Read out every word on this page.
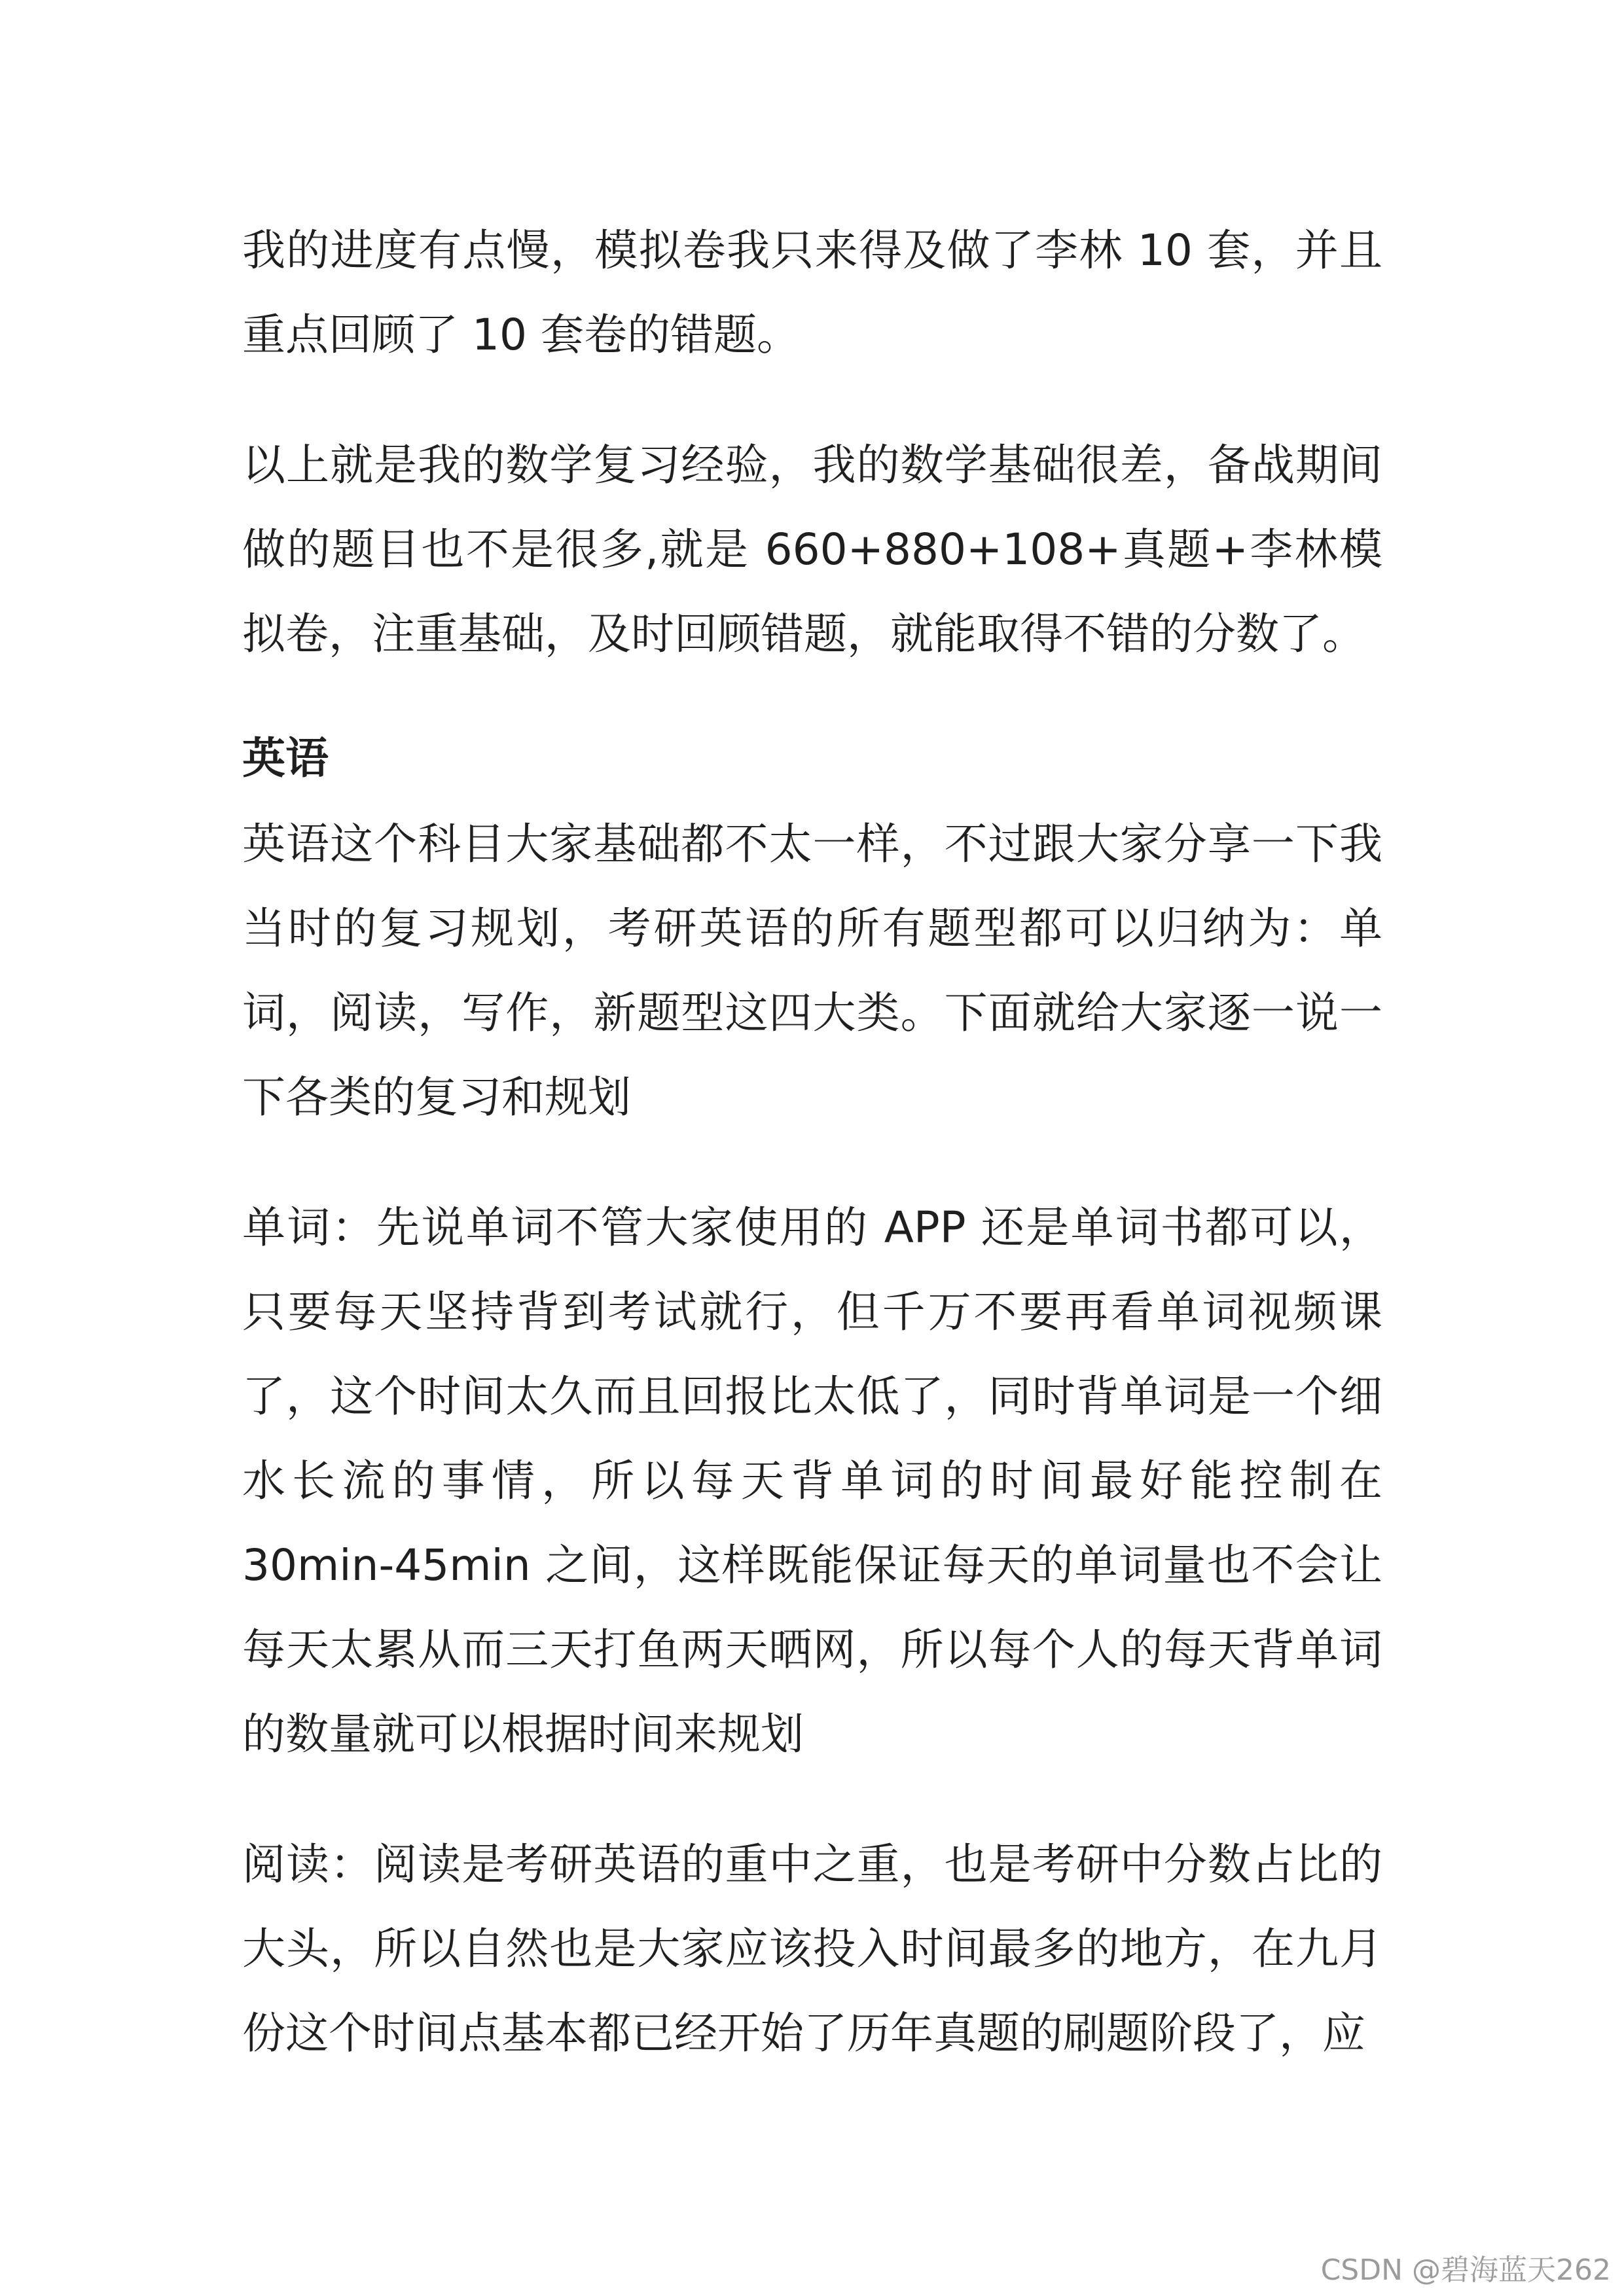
我的进度有点慢，模拟卷我只来得及做了李林 10 套，并且重点回顾了 10 套卷的错题。

以上就是我的数学复习经验，我的数学基础很差，备战期间做的题目也不是很多,就是 660+880+108+真题+李林模拟卷，注重基础，及时回顾错题，就能取得不错的分数了。

英语

英语这个科目大家基础都不太一样，不过跟大家分享一下我当时的复习规划，考研英语的所有题型都可以归纳为：单词，阅读，写作，新题型这四大类。下面就给大家逐一说一下各类的复习和规划

单词：先说单词不管大家使用的 APP 还是单词书都可以，只要每天坚持背到考试就行，但千万不要再看单词视频课了，这个时间太久而且回报比太低了，同时背单词是一个细水长流的事情，所以每天背单词的时间最好能控制在 30min-45min 之间，这样既能保证每天的单词量也不会让每天太累从而三天打鱼两天晒网，所以每个人的每天背单词的数量就可以根据时间来规划

阅读：阅读是考研英语的重中之重，也是考研中分数占比的大头，所以自然也是大家应该投入时间最多的地方，在九月份这个时间点基本都已经开始了历年真题的刷题阶段了，应

CSDN @碧海蓝天262
